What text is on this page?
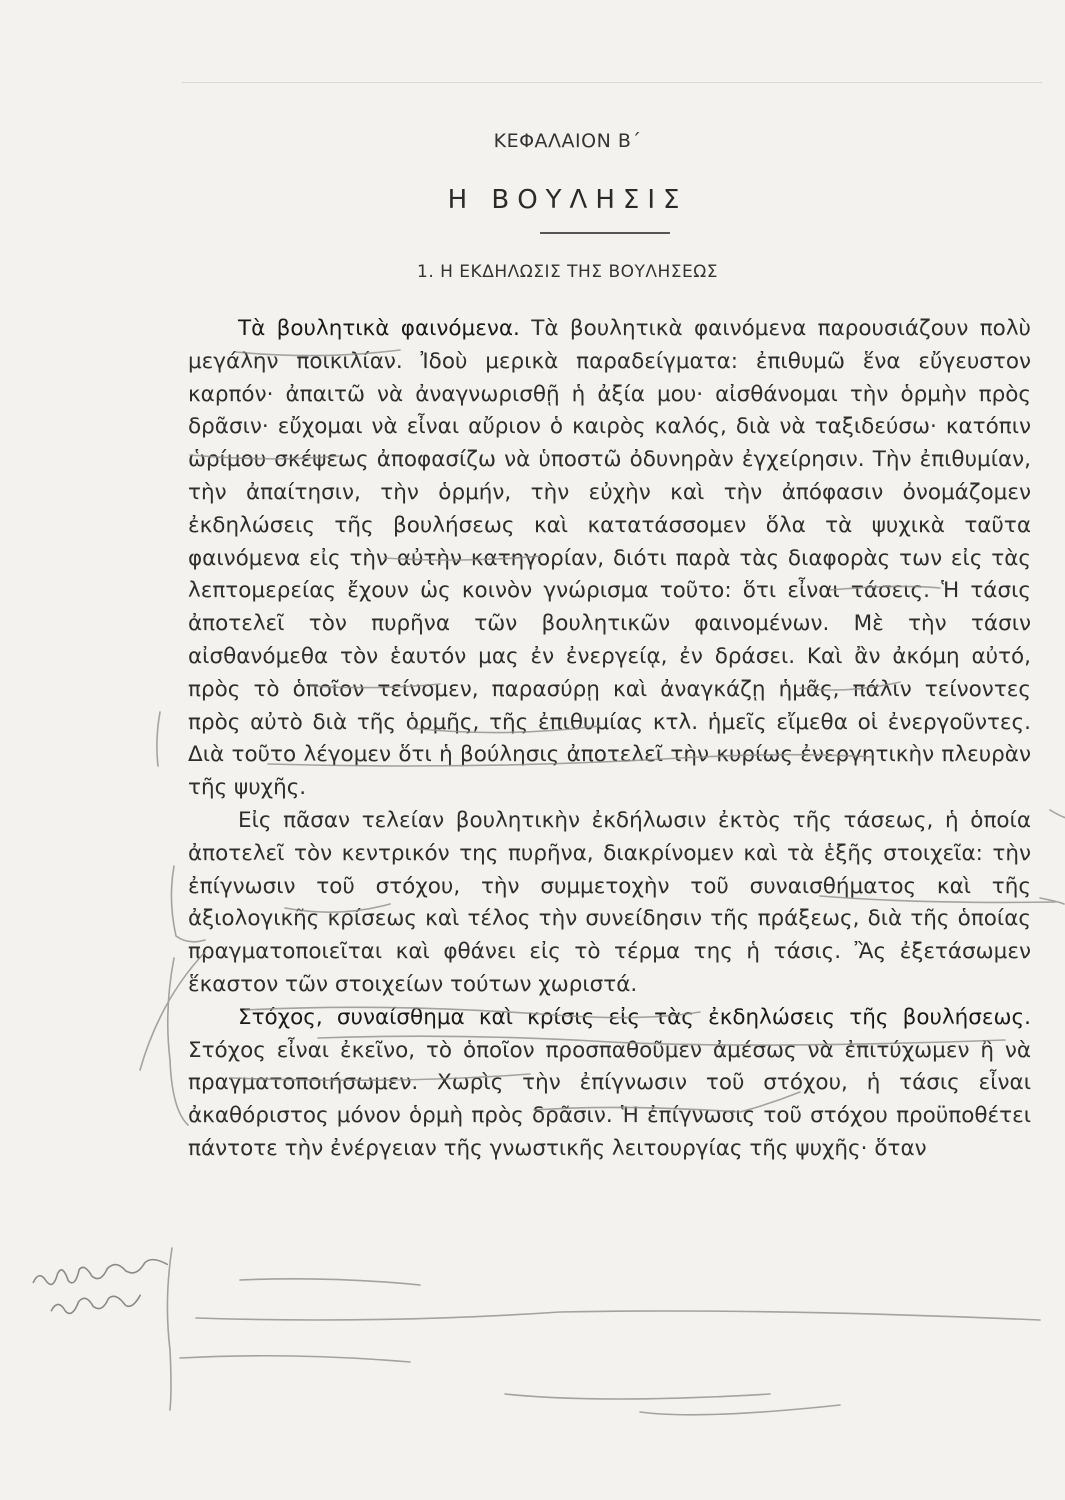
ΚΕΦΑΛΑΙΟΝ Β΄
Η ΒΟΥΛΗΣΙΣ
1. Η ΕΚΔΗΛΩΣΙΣ ΤΗΣ ΒΟΥΛΗΣΕΩΣ

Τὰ βουλητικὰ φαινόμενα. Τὰ βουλητικὰ φαινόμενα παρουσιάζουν πολὺ μεγάλην ποικιλίαν. Ἰδοὺ μερικὰ παραδείγματα: ἐπιθυμῶ ἕνα εὔγευστον καρπόν· ἀπαιτῶ νὰ ἀναγνωρισθῇ ἡ ἀξία μου· αἰσθάνομαι τὴν ὁρμὴν πρὸς δρᾶσιν· εὔχομαι νὰ εἶναι αὔριον ὁ καιρὸς καλός, διὰ νὰ ταξιδεύσω· κατόπιν ὡρίμου σκέψεως ἀποφασίζω νὰ ὑποστῶ ὀδυνηρὰν ἐγχείρησιν. Τὴν ἐπιθυμίαν, τὴν ἀπαίτησιν, τὴν ὁρμήν, τὴν εὐχὴν καὶ τὴν ἀπόφασιν ὀνομάζομεν ἐκδηλώσεις τῆς βουλήσεως καὶ κατατάσσομεν ὅλα τὰ ψυχικὰ ταῦτα φαινόμενα εἰς τὴν αὐτὴν κατηγορίαν, διότι παρὰ τὰς διαφορὰς των εἰς τὰς λεπτομερείας ἔχουν ὡς κοινὸν γνώρισμα τοῦτο: ὅτι εἶναι τάσεις. Ἡ τάσις ἀποτελεῖ τὸν πυρῆνα τῶν βουλητικῶν φαινομένων. Μὲ τὴν τάσιν αἰσθανόμεθα τὸν ἑαυτόν μας ἐν ἐνεργείᾳ, ἐν δράσει. Καὶ ἂν ἀκόμη αὐτό, πρὸς τὸ ὁποῖον τείνομεν, παρασύρῃ καὶ ἀναγκάζῃ ἡμᾶς, πάλιν τείνοντες πρὸς αὐτὸ διὰ τῆς ὁρμῆς, τῆς ἐπιθυμίας κτλ. ἡμεῖς εἴμεθα οἱ ἐνεργοῦντες. Διὰ τοῦτο λέγομεν ὅτι ἡ βούλησις ἀποτελεῖ τὴν κυρίως ἐνεργητικὴν πλευρὰν τῆς ψυχῆς.

Εἰς πᾶσαν τελείαν βουλητικὴν ἐκδήλωσιν ἐκτὸς τῆς τάσεως, ἡ ὁποία ἀποτελεῖ τὸν κεντρικόν της πυρῆνα, διακρίνομεν καὶ τὰ ἑξῆς στοιχεῖα: τὴν ἐπίγνωσιν τοῦ στόχου, τὴν συμμετοχὴν τοῦ συναισθήματος καὶ τῆς ἀξιολογικῆς κρίσεως καὶ τέλος τὴν συνείδησιν τῆς πράξεως, διὰ τῆς ὁποίας πραγματοποιεῖται καὶ φθάνει εἰς τὸ τέρμα της ἡ τάσις. Ἂς ἐξετάσωμεν ἕκαστον τῶν στοιχείων τούτων χωριστά.

Στόχος, συναίσθημα καὶ κρίσις εἰς τὰς ἐκδηλώσεις τῆς βουλήσεως. Στόχος εἶναι ἐκεῖνο, τὸ ὁποῖον προσπαθοῦμεν ἀμέσως νὰ ἐπιτύχωμεν ἢ νὰ πραγματοποιήσωμεν. Χωρὶς τὴν ἐπίγνωσιν τοῦ στόχου, ἡ τάσις εἶναι ἀκαθόριστος μόνον ὁρμὴ πρὸς δρᾶσιν. Ἡ ἐπίγνωσις τοῦ στόχου προϋποθέτει πάντοτε τὴν ἐνέργειαν τῆς γνωστικῆς λειτουργίας τῆς ψυχῆς· ὅταν
